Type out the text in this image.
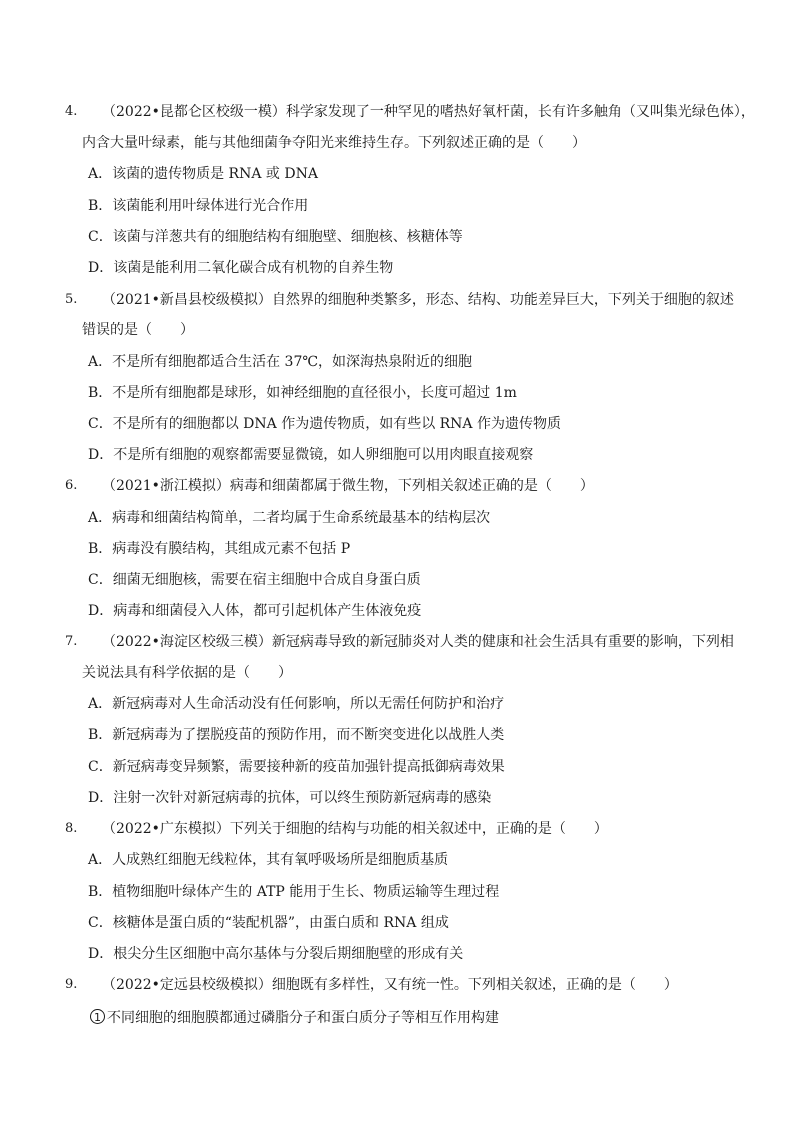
4. （2022•昆都仑区校级一模）科学家发现了一种罕见的嗜热好氧杆菌，长有许多触角（又叫集光绿色体），
内含大量叶绿素，能与其他细菌争夺阳光来维持生存。下列叙述正确的是（　　）
A．该菌的遗传物质是 RNA 或 DNA
B．该菌能利用叶绿体进行光合作用
C．该菌与洋葱共有的细胞结构有细胞壁、细胞核、核糖体等
D．该菌是能利用二氧化碳合成有机物的自养生物
5. （2021•新昌县校级模拟）自然界的细胞种类繁多，形态、结构、功能差异巨大，下列关于细胞的叙述
错误的是（　　）
A．不是所有细胞都适合生活在 37℃，如深海热泉附近的细胞
B．不是所有细胞都是球形，如神经细胞的直径很小，长度可超过 1m
C．不是所有的细胞都以 DNA 作为遗传物质，如有些以 RNA 作为遗传物质
D．不是所有细胞的观察都需要显微镜，如人卵细胞可以用肉眼直接观察
6. （2021•浙江模拟）病毒和细菌都属于微生物，下列相关叙述正确的是（　　）
A．病毒和细菌结构简单，二者均属于生命系统最基本的结构层次
B．病毒没有膜结构，其组成元素不包括 P
C．细菌无细胞核，需要在宿主细胞中合成自身蛋白质
D．病毒和细菌侵入人体，都可引起机体产生体液免疫
7. （2022•海淀区校级三模）新冠病毒导致的新冠肺炎对人类的健康和社会生活具有重要的影响，下列相
关说法具有科学依据的是（　　）
A．新冠病毒对人生命活动没有任何影响，所以无需任何防护和治疗
B．新冠病毒为了摆脱疫苗的预防作用，而不断突变进化以战胜人类
C．新冠病毒变异频繁，需要接种新的疫苗加强针提高抵御病毒效果
D．注射一次针对新冠病毒的抗体，可以终生预防新冠病毒的感染
8. （2022•广东模拟）下列关于细胞的结构与功能的相关叙述中，正确的是（　　）
A．人成熟红细胞无线粒体，其有氧呼吸场所是细胞质基质
B．植物细胞叶绿体产生的 ATP 能用于生长、物质运输等生理过程
C．核糖体是蛋白质的“装配机器”，由蛋白质和 RNA 组成
D．根尖分生区细胞中高尔基体与分裂后期细胞壁的形成有关
9. （2022•定远县校级模拟）细胞既有多样性，又有统一性。下列相关叙述，正确的是（　　）
1 不同细胞的细胞膜都通过磷脂分子和蛋白质分子等相互作用构建
